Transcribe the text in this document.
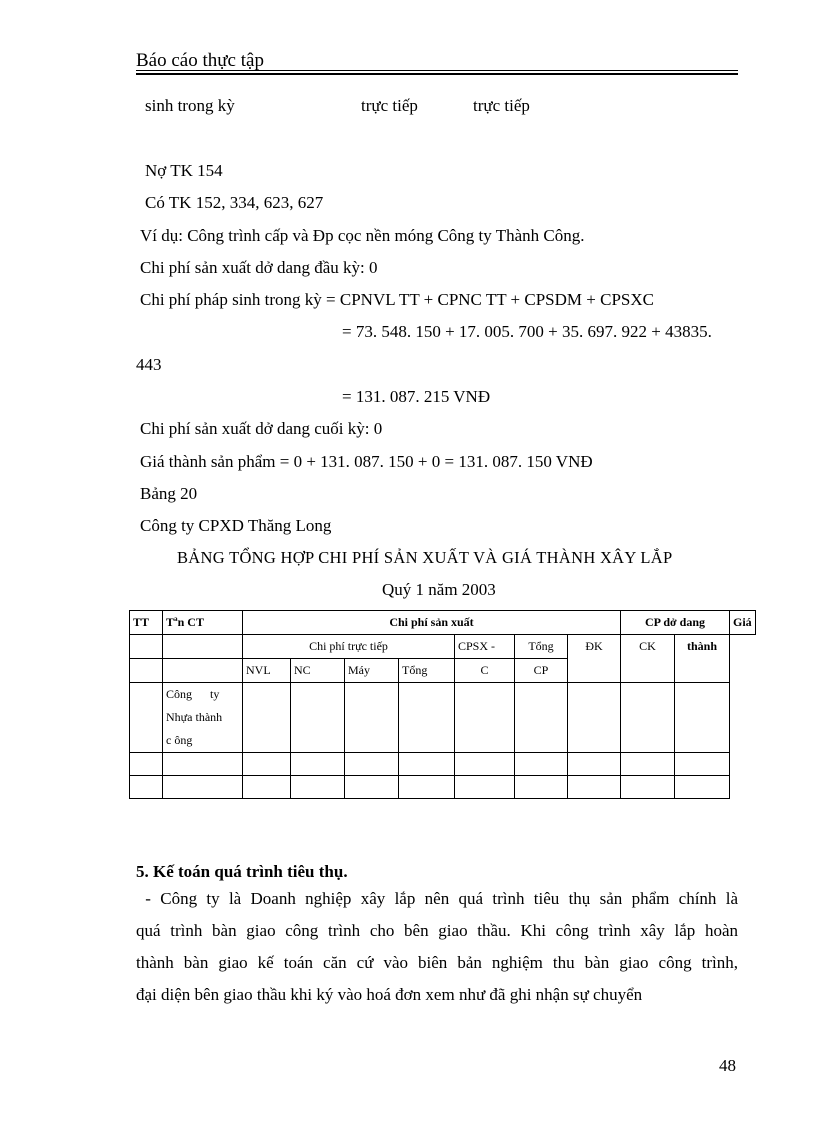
Báo cáo thực tập
sinh trong kỳ	trực tiếp	trực tiếp
Nợ TK 154
Có TK 152, 334, 623, 627
Ví dụ: Công trình cấp và Đp cọc nền móng Công ty Thành Công.
Chi phí sản xuất dở dang đầu kỳ: 0
Chi phí pháp sinh trong kỳ = CPNVL TT + CPNC TT + CPSDM + CPSXC
= 73. 548. 150 + 17. 005. 700 + 35. 697. 922 + 43835.
443
= 131. 087. 215 VNĐ
Chi phí sản xuất dở dang cuối kỳ: 0
Giá thành sản phẩm = 0 + 131. 087. 150 + 0 = 131. 087. 150 VNĐ
Bảng 20
Công ty CPXD Thăng Long
BẢNG TỔNG HỢP CHI PHÍ SẢN XUẤT VÀ GIÁ THÀNH XÂY LẮP
Quý 1 năm 2003
TT	Tªn CT	Chi phí sản xuất							CP dở dang		Giá
		Chi phí trực tiếp				CPSX -	Tổng	ĐK	CK	thành	
		NVL	NC	Máy	Tổng	C	CP				

	Công      ty
Nhựa thành
c ông										

5. Kế toán quá trình tiêu thụ.
- Công ty là Doanh nghiệp xây lắp nên quá trình tiêu thụ sản phẩm chính là
quá trình bàn giao công trình cho bên giao thầu. Khi công trình xây lắp hoàn
thành bàn giao kế toán căn cứ vào biên bản nghiệm thu bàn giao công trình,
đại diện bên giao thầu khi ký vào hoá đơn xem như đã ghi nhận sự chuyển
48
